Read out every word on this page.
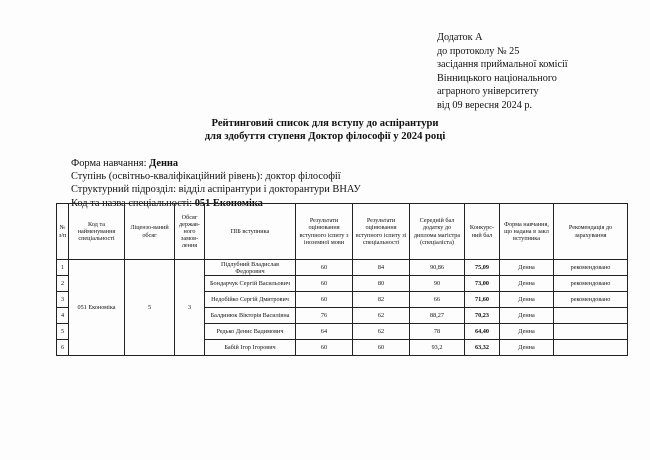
Додаток А
до протоколу № 25
засідання приймальної комісії
Вінницького національного
аграрного університету
від 09 вересня 2024 р.
Рейтинговий список для вступу до аспірантури
для здобуття ступеня Доктор філософії у 2024 році
Форма навчання: Денна
Ступінь (освітньо-кваліфікаційний рівень): доктор філософії
Структурний підрозділ: відділ аспірантури і докторантури ВНАУ
Код та назва спеціальності: 051 Економіка
№ з/п	Код та найменування спеціальності	Ліцензо-ваний обсяг	Обсяг держав-ного замов-лення	ПІБ вступника	Результати оцінювання вступного іспиту з іноземної мови	Результати оцінювання вступного іспиту зі спеціальності	Середній бал додатку до диплома магістра (спеціаліста)	Конкурс-ний бал	Форма навчання, що надана в закл вступника	Рекомендація до зарахування
1	051 Економіка	5	3	Підлубний Владислав Федорович	60	84	90,86	75,09	Денна	рекомендовано
2				Бондарчук Сергій Васильович	60	80	90	73,00	Денна	рекомендовано
3				Недобійко Сергій Дмитрович	60	82	66	71,60	Денна	рекомендовано
4				Балдинюк Вікторія Василівна	76	62	88,27	70,23	Денна	
5				Редько Денис Вадимович	64	62	78	64,40	Денна	
6				Бабій Ігор Ігорович	60	60	93,2	63,32	Денна	
